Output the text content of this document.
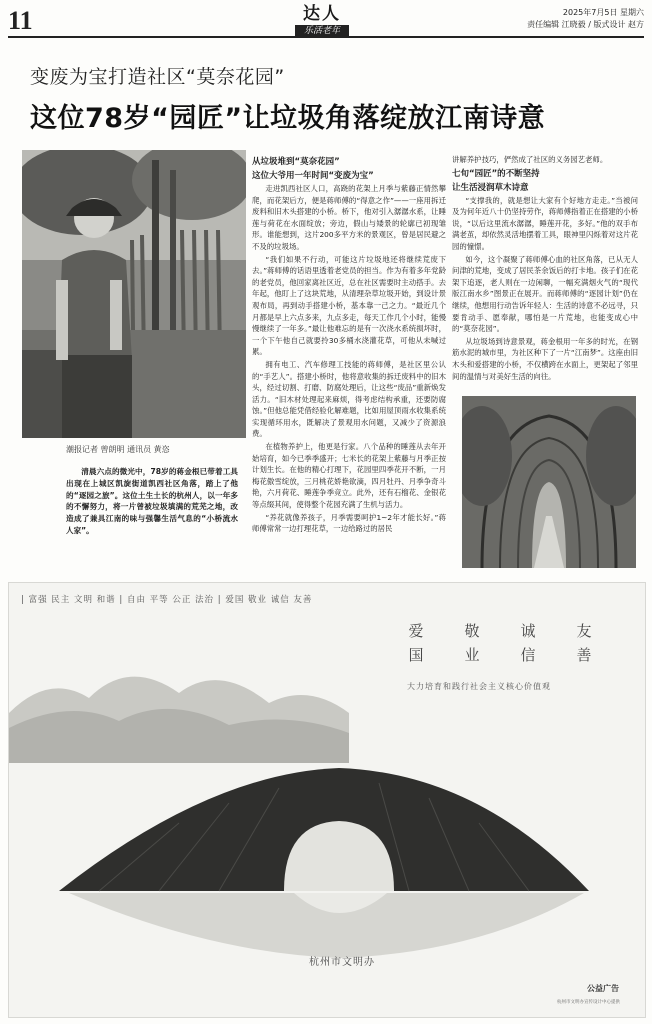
11	达人
乐活老年
2025年7月5日 星期六
责任编辑 江晓毅 / 版式设计 赵方
变废为宝打造社区“莫奈花园”
这位78岁“园匠”让垃圾角落绽放江南诗意
潮报记者 曾朗明 通讯员 黄恣

清晨六点的微光中，78岁的蒋金根已带着工具出现在上城区凯旋街道凯西社区角落，踏上了他的“逐园之旅”。这位土生土长的杭州人，以一年多的不懈努力，将一片曾被垃圾填满的荒芜之地，改造成了兼具江南的味与强馨生活气息的“小桥流水人家”。

从垃圾堆到“莫奈花园”

这位大爷用一年时间“变废为宝”

走进凯西社区人口，高跷的花架上月季与紫藤正情然攀爬，而花架后方，便是蒋师傅的“得意之作”——一座用拆迁废料和旧木头搭建的小桥。桥下，他对引入潺潺水系，让睡莲与荷花在水面绽放；旁边，假山与矮景的轮廓已初现雏形。谁能想到，这片200多平方米的景观区，曾是居民避之不及的垃圾场。

“我们如果不行动，可能这片垃圾地还将继续荒废下去。”蒋师傅的话语里透着老党员的担当。作为有着多年党龄的老党员，他回家离社区近，总在社区需要时主动搭手。去年起，他盯上了这块荒地，从清理杂草垃圾开始，到设计景观布局，再到动手搭建小桥，基本靠一己之力。“最近几个月都是早上六点多来，九点多走，每天工作几个小时，能慢慢继续了一年多。”最让他难忘的是有一次浇水系统损坏时，一个下午他自己就要拎30多桶水浇灌花草，可他从未喊过累。

拥有电工、汽车修理工技能的蒋师傅，是社区里公认的“手艺人”。搭建小桥时，他将意收集的拆迁废料中的旧木头，经过切割、打磨、防腐处理后，让这些“废品”重新焕发活力。“旧木材处理起来麻烦，得考虑结构承重，还要防腐蚀。”但他总能凭借经验化解难题，比如用屋顶雨水收集系统实现循环用水，既解决了景观用水问题，又减少了资源浪费。

在植物养护上，他更是行家。八个品种的睡莲从去年开始培育，如今已季季盛开；七米长的花架上紫藤与月季正按计划生长。在他的精心打理下，花园里四季花开不断，一月梅花傲雪绽放，三月桃花娇艳欲滴，四月牡丹、月季争奇斗艳，六月荷花、睡莲争季竞立。此外，还有石榴花、金银花等点缀其间，使得整个花园充满了生机与活力。

“养花就像养孩子，月季需要呵护1~2年才能长好。”蒋师傅常常一边打理花草，一边给路过的居民

讲解养护技巧，俨然成了社区的义务园艺老师。

七旬“园匠”的不断坚持

让生活浸润草木诗意

“支撑我的，就是想让大家有个好地方走走。”当被问及为何年近八十仍坚持劳作，蒋师傅指着正在搭建的小桥说，“以后这里流水潺潺，睡莲开花，多好。”他的双手布满老茧，却依然灵活地摆着工具，眼神里闪烁着对这片花园的憧憬。

如今，这个凝聚了蒋师傅心血的社区角落，已从无人问津的荒地，变成了居民茶余饭后的打卡地。孩子们在花架下追逐，老人则在一边闲聊，一幅充满烟火气的“现代版江南水乡”图景正在展开。而蒋师傅的“逐园计划”仍在继续，他想用行动告诉年轻人：生活的诗意不必远寻，只要肯动手、愿奉献，哪怕是一片荒地，也能变成心中的“莫奈花园”。

从垃圾场到诗意景观，蒋金根用一年多的时光，在钢筋水泥的城市里，为社区种下了一片“江南梦”。这座由旧木头和爱搭建的小桥，不仅横跨在水面上，更架起了邻里间的温情与对美好生活的向往。

| 富强 民主 文明 和谐 | 自由 平等 公正 法治 | 爱国 敬业 诚信 友善
爱
国
敬
业
诚
信
友
善
大力培育和践行社会主义核心价值观
杭州市文明办
公益广告
杭州市文明办宣传设计中心提供
